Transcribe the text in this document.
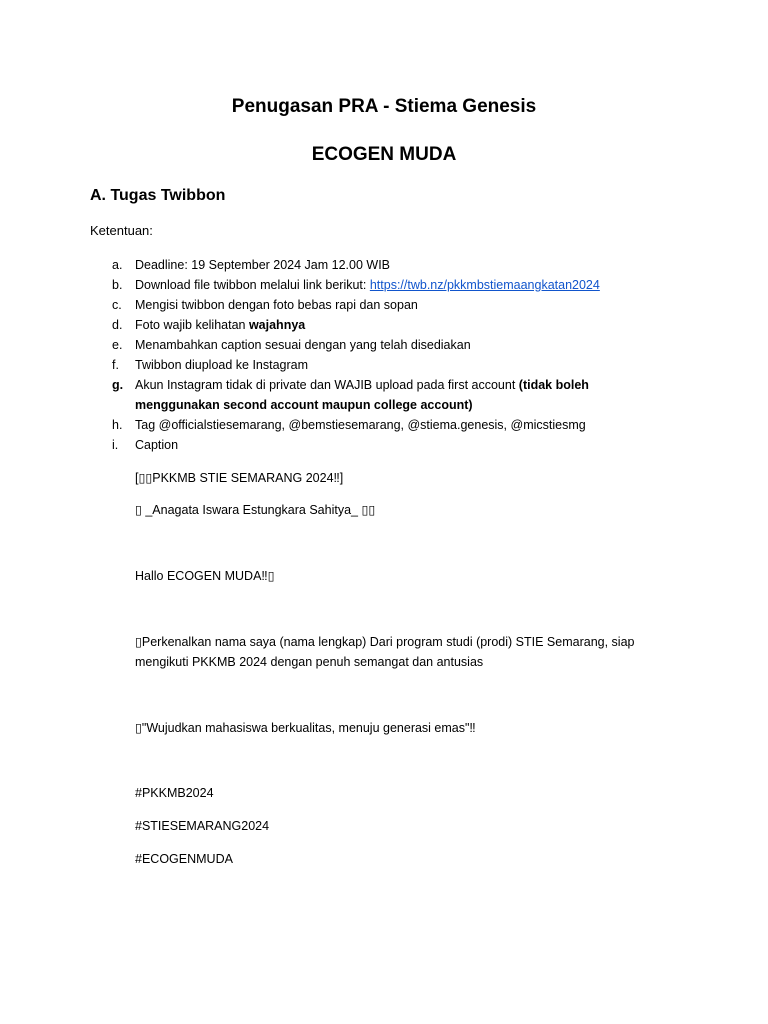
Penugasan PRA - Stiema Genesis
ECOGEN MUDA
A. Tugas Twibbon

Ketentuan:

a. Deadline: 19 September 2024 Jam 12.00 WIB
b. Download file twibbon melalui link berikut: https://twb.nz/pkkmbstiemaangkatan2024
c. Mengisi twibbon dengan foto bebas rapi dan sopan
d. Foto wajib kelihatan wajahnya
e. Menambahkan caption sesuai dengan yang telah disediakan
f. Twibbon diupload ke Instagram
g. Akun Instagram tidak di private dan WAJIB upload pada first account (tidak boleh menggunakan second account maupun college account)
h. Tag @officialstiesemarang, @bemstiesemarang, @stiema.genesis, @micstiesmg
i. Caption

[▯▯PKKMB STIE SEMARANG 2024‼]

▯ _Anagata Iswara Estungkara Sahitya_ ▯▯

Hallo ECOGEN MUDA‼▯

▯Perkenalkan nama saya (nama lengkap) Dari program studi (prodi) STIE Semarang, siap mengikuti PKKMB 2024 dengan penuh semangat dan antusias

▯"Wujudkan mahasiswa berkualitas, menuju generasi emas"‼

#PKKMB2024

#STIESEMARANG2024

#ECOGENMUDA
